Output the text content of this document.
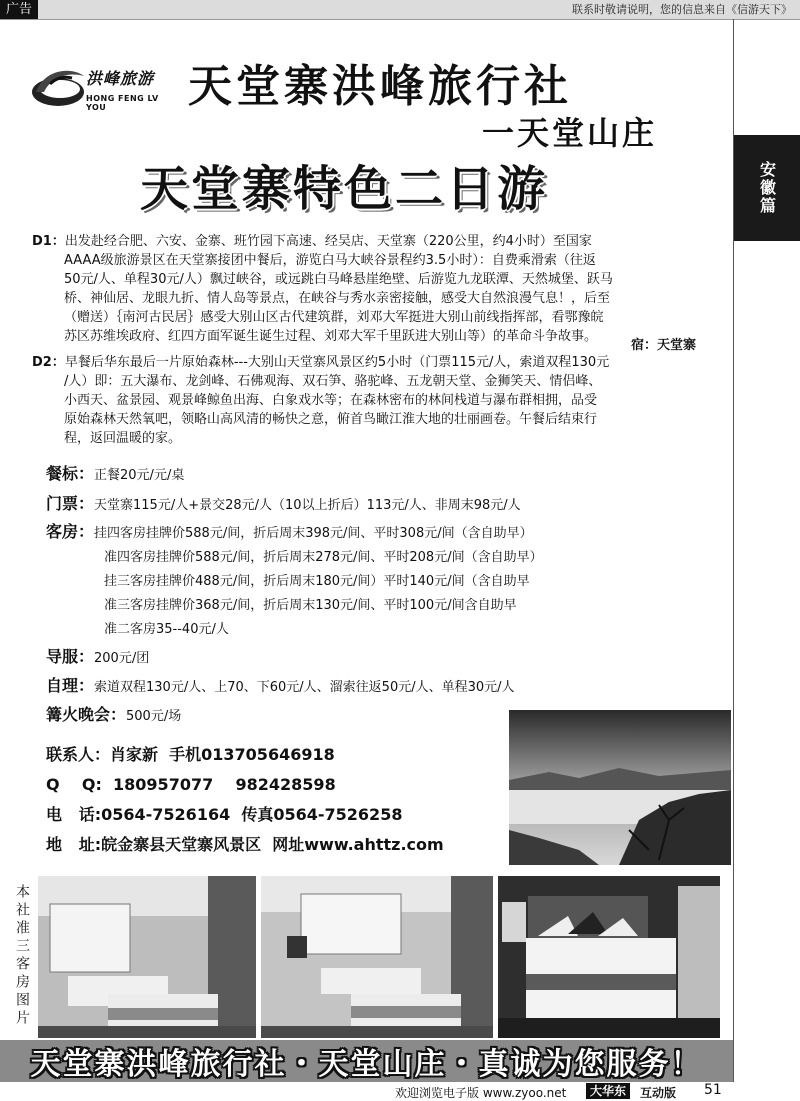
广告	联系时敬请说明，您的信息来自《信游天下》
安徽篇
洪峰旅游
HONG FENG LV YOU	天堂寨洪峰旅行社
一天堂山庄
天堂寨特色二日游
D1：出发赴经合肥、六安、金寨、班竹园下高速、经吴店、天堂寨（220公里，约4小时）至国家
AAAA级旅游景区在天堂寨接团中餐后，游览白马大峡谷景程约3.5小时）：自费乘滑索（往返
50元/人、单程30元/人）飘过峡谷，或远跳白马峰悬崖绝壁、后游览九龙联潭、天然城堡、跃马
桥、神仙居、龙眼九折、情人岛等景点，在峡谷与秀水亲密接触，感受大自然浪漫气息！，后至
（赠送）｛南河古民居｝感受大别山区古代建筑群，刘邓大军挺进大别山前线指挥部，看鄂豫皖
苏区苏维埃政府、红四方面军诞生诞生过程、刘邓大军千里跃进大别山等）的革命斗争故事。
宿：天堂寨
D2：早餐后华东最后一片原始森林---大别山天堂寨风景区约5小时（门票115元/人，索道双程130元
/人）即：五大瀑布、龙剑峰、石佛观海、双石笋、骆驼峰、五龙朝天堂、金狮笑天、情侣峰、
小西天、盆景园、观景峰鲸鱼出海、白象戏水等；在森林密布的林间栈道与瀑布群相拥，品受
原始森林天然氧吧，领略山高风清的畅快之意，俯首鸟瞰江淮大地的壮丽画卷。午餐后结束行
程，返回温暖的家。
餐标：正餐20元/元/桌
门票：天堂寨115元/人+景交28元/人（10以上折后）113元/人、非周末98元/人
客房：挂四客房挂牌价588元/间，折后周末398元/间、平时308元/间（含自助早）
准四客房挂牌价588元/间，折后周末278元/间、平时208元/间（含自助早）
挂三客房挂牌价488元/间，折后周末180元/间）平时140元/间（含自助早
准三客房挂牌价368元/间，折后周末130元/间、平时100元/间含自助早
准二客房35--40元/人
导服：200元/团
自理：索道双程130元/人、上70、下60元/人、溜索往返50元/人、单程30元/人
篝火晚会：500元/场
联系人：肖家新  手机013705646918
Q    Q:  180957077    982428598
电   话:0564-7526164  传真0564-7526258
地   址:皖金寨县天堂寨风景区  网址www.ahttz.com
本社准三客房图片
天堂寨洪峰旅行社・天堂山庄・真诚为您服务！
欢迎浏览电子版 www.zyoo.net	大华东	互动版 51
